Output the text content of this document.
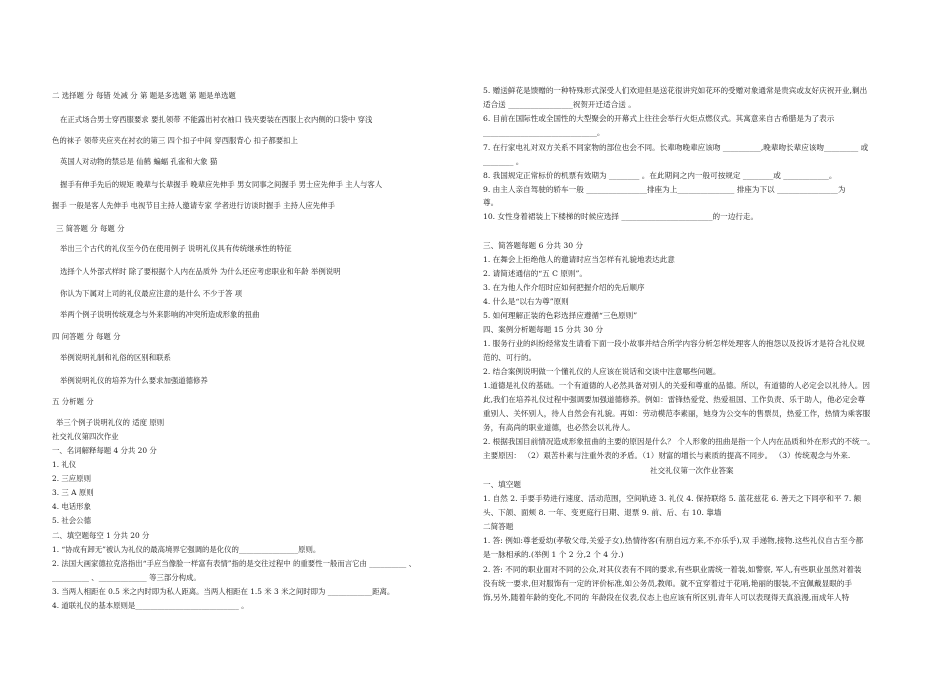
二 选择题 分 每错 处减 分 第 题是多选题 第 题是单选题
在正式场合男士穿西服要求 要扎领带 不能露出衬衣袖口 钱夹要装在西服上衣内侧的口袋中 穿浅
色的袜子 领带夹应夹在衬衣的第三 四个扣子中间 穿西服背心 扣子都要扣上
英国人对动物的禁忌是 仙鹤 蝙蝠 孔雀和大象 猫
握手有伸手先后的规矩 晚辈与长辈握手 晚辈应先伸手 男女同事之间握手 男士应先伸手 主人与客人
握手 一般是客人先伸手 电视节目主持人邀请专家 学者进行访谈时握手 主持人应先伸手
三 简答题 分 每题 分
举出三个古代的礼仪至今仍在使用例子 说明礼仪具有传统继承性的特征
选择个人外部式样时 除了要根据个人内在品质外 为什么还应考虑职业和年龄 举例说明
你认为下属对上司的礼仪最应注意的是什么 不少于答 项
举两个例子说明传统观念与外来影响的冲突所造成形象的扭曲
四 问答题 分 每题 分
举例说明礼制和礼俗的区别和联系
举例说明礼仪的培养为什么要求加强道德修养
五 分析题 分
举三个例子说明礼仪的 适度 原则
社交礼仪第四次作业
一、名词解释每题 4 分共 20 分
1. 礼仪
2. 三应原则
3. 三 A 原则
4. 电话形象
5. 社会公德
二、填空题每空 1 分共 20 分
1. “协成有卸无”被认为礼仪的最高境界它强调的是化仪的________________原则。
2. 法国大画家德拉克洛指出“手应当像脸一样富有表情”指的是交往过程中 的重要性一般而言它由 __________ 、
__________ 、_____________ 等三部分构成。
3. 当两人相距在 0.5 米之内时即为私人距离。当两人相距在 1.5 米 3 米之间时即为 ____________距离。
4. 道联礼仪的基本原则是____________________________ 。
5. 赠送鲜花是馈赠的一种特殊形式深受人们欢迎但是送花很讲究如花环的受赠对象通常是贵宾或友好庆祝开业,剿出
适合送 _________________祝贺开迁适合送 。
6. 目前在国际性或全国性的大型聚会的开幕式上往往会举行火炬点燃仪式。其寓意来自古希腊是为了表示
______________________________。
7. 在行家电礼对双方关系不同家物的部位也会不同。长辈吻晚辈应该吻 __________,晚辈吻长辈应该吻_________ 或
________ 。
8. 我国规定正常标价的机票有效期为 ________ 。在此期间之内一般可按规定 ________或 ____________。
9. 由主人亲自驾驶的轿车一般 ________________排座为上_______________ 排座为下以 ________________为
尊。
10. 女性身着裙装上下楼梯的时候应选择 ________________________的一边行走。
三、简答题每题 6 分共 30 分
1. 在舞会上拒绝他人的邀请时应当怎样有礼貌地表达此意
2. 请简述通信的“五 C 原则”。
3. 在为他人作介绍时应如何把握介绍的先后顺序
4. 什么是“以右为尊”原则
5. 如何理解正装的色彩选择应遵循“三色原则”
四、案例分析题每题 15 分共 30 分
1. 服务行业的纠纷经常发生请看下面一段小故事并结合所学内容分析怎样处理客人的抱怨以及投诉才是符合礼仪规
范的、可行的。
2. 结合案例说明做一个懂礼仪的人应该在说话和交谈中注意哪些问题。
1.道德是礼仪的基础。一个有道德的人必然具备对别人的关爱和尊重的品德。所以，有道德的人必定会以礼待人。因
此,我们在培养礼仪过程中强调要加强道德修养。例如：雷锋热爱党、热爱祖国、工作负责、乐于助人，他必定会尊
重别人、关怀别人，待人自然会有礼貌。再如：劳动模范李素丽，她身为公交车的售票员，热爱工作，热情为乘客服
务，有高尚的职业道德，也必然会以礼待人。
2. 根据我国目前情况造成形象扭曲的主要的原因是什么？ 个人形象的扭曲是指一个人内在品质和外在形式的不统一。
主要原因： （2）艰苦朴素与注重外表的矛盾。（1）财富的增长与素质的提高不同步。 （3）传统观念与外来.
社交礼仪第一次作业答案
一、填空题
1. 自然 2. 手要手势进行速度、活动范围，空间轨迹 3. 礼仪 4. 保持联络 5. 蓝花兹花 6. 善天之下同亭和平 7. 额
头、下颌、面颊 8. 一年、变更庭行日期、退票 9. 前、后、右 10. 靠墙
二简答题
1. 答: 例如:尊老爱幼(孝敬父母,关爱子女),热情待客(有朋自远方来,不亦乐乎),双 手递物,接物.这些礼仪自古至今都
是一脉相承的.(举例 1 个 2 分,2 个 4 分.)
2. 答: 不同的职业面对不同的公众,对其仪表有不同的要求,有些职业需统一着装,如警察, 军人,有些职业虽然对着装
没有统一要求,但对服饰有一定的评价标准,如公务员,教师。就不宜穿着过于花哨,艳丽的服装,不宜佩戴显眼的手
饰,另外,随着年龄的变化,不同的 年龄段在仪表,仪态上也应该有所区别,青年人可以表现得天真浪漫,而成年人特
